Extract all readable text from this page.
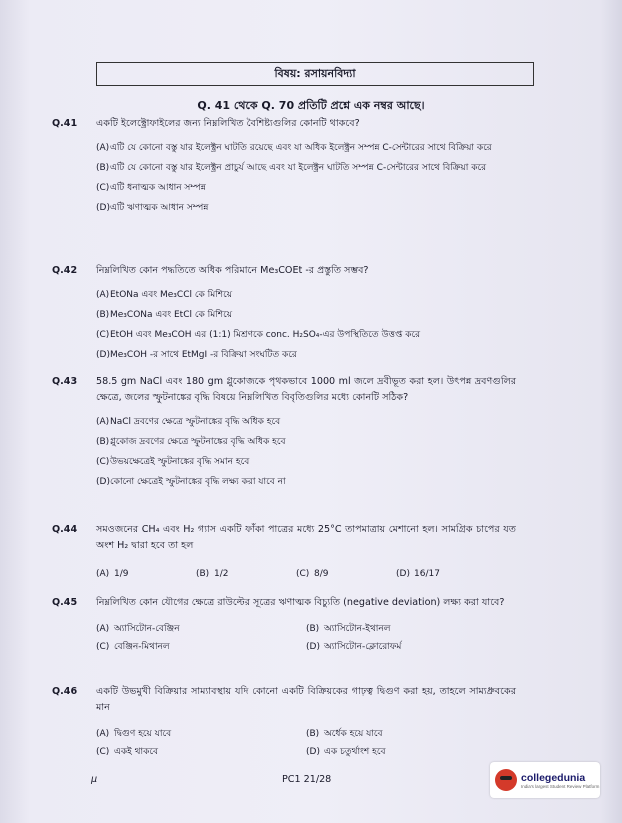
বিষয়: রসায়নবিদ্যা
Q. 41 থেকে Q. 70 প্রতিটি প্রশ্নে এক নম্বর আছে।
Q.41 একটি ইলেক্ট্রোফাইলের জন্য নিম্নলিখিত বৈশিষ্ট্যগুলির কোনটি থাকবে?
(A) এটি যে কোনো বস্তু যার ইলেক্ট্রন ঘাটতি রয়েছে এবং যা অধিক ইলেক্ট্রন সম্পন্ন C-সেন্টারের সাথে বিক্রিয়া করে
(B) এটি যে কোনো বস্তু যার ইলেক্ট্রন প্রাচুর্য আছে এবং যা ইলেক্ট্রন ঘাটতি সম্পন্ন C-সেন্টারের সাথে বিক্রিয়া করে
(C) এটি ধনাত্মক আধান সম্পন্ন
(D) এটি ঋণাত্মক আধান সম্পন্ন
Q.42 নিম্নলিখিত কোন পদ্ধতিতে অধিক পরিমানে Me₃COEt -র প্রস্তুতি সম্ভব?
(A) EtONa এবং Me₃CCl কে মিশিয়ে
(B) Me₃CONa এবং EtCl কে মিশিয়ে
(C) EtOH এবং Me₃COH এর (1:1) মিশ্রণকে conc. H₂SO₄-এর উপস্থিতিতে উত্তপ্ত করে
(D) Me₃COH -র সাথে EtMgI -র বিক্রিয়া সংঘটিত করে
Q.43 58.5 gm NaCl এবং 180 gm গ্লুকোজকে পৃথকভাবে 1000 ml জলে দ্রবীভূত করা হল। উৎপন্ন দ্রবণগুলির ক্ষেত্রে, জলের স্ফুটনাঙ্কের বৃদ্ধি বিষয়ে নিম্নলিখিত বিবৃতিগুলির মধ্যে কোনটি সঠিক?
(A) NaCl দ্রবণের ক্ষেত্রে স্ফুটনাঙ্কের বৃদ্ধি অধিক হবে
(B) গ্লুকোজ দ্রবণের ক্ষেত্রে স্ফুটনাঙ্কের বৃদ্ধি অধিক হবে
(C) উভয়ক্ষেত্রেই স্ফুটনাঙ্কের বৃদ্ধি সমান হবে
(D) কোনো ক্ষেত্রেই স্ফুটনাঙ্কের বৃদ্ধি লক্ষ্য করা যাবে না
Q.44 সমওজনের CH₄ এবং H₂ গ্যাস একটি ফাঁকা পাত্রের মধ্যে 25°C তাপমাত্রায় মেশানো হল। সামগ্রিক চাপের যত অংশ H₂ দ্বারা হবে তা হল
(A) 1/9	(B) 1/2	(C) 8/9	(D) 16/17
Q.45 নিম্নলিখিত কোন যৌগের ক্ষেত্রে রাউল্টের সূত্রের ঋণাত্মক বিচ্যুতি (negative deviation) লক্ষ্য করা যাবে?
(A) অ্যাসিটোন-বেঞ্জিন	(B) অ্যাসিটোন-ইথানল
(C) বেঞ্জিন-মিথানল	(D) অ্যাসিটোন-ক্লোরোফর্ম
Q.46 একটি উভমুখী বিক্রিয়ার সাম্যাবস্থায় যদি কোনো একটি বিক্রিয়কের গাঢ়ত্ব দ্বিগুণ করা হয়, তাহলে সাম্যধ্রুবকের মান
(A) দ্বিগুণ হয়ে যাবে	(B) অর্ধেক হয়ে যাবে
(C) একই থাকবে	(D) এক চতুর্থাংশ হবে
μ	PC1 21/28	collegedunia
India's largest Student Review Platform
